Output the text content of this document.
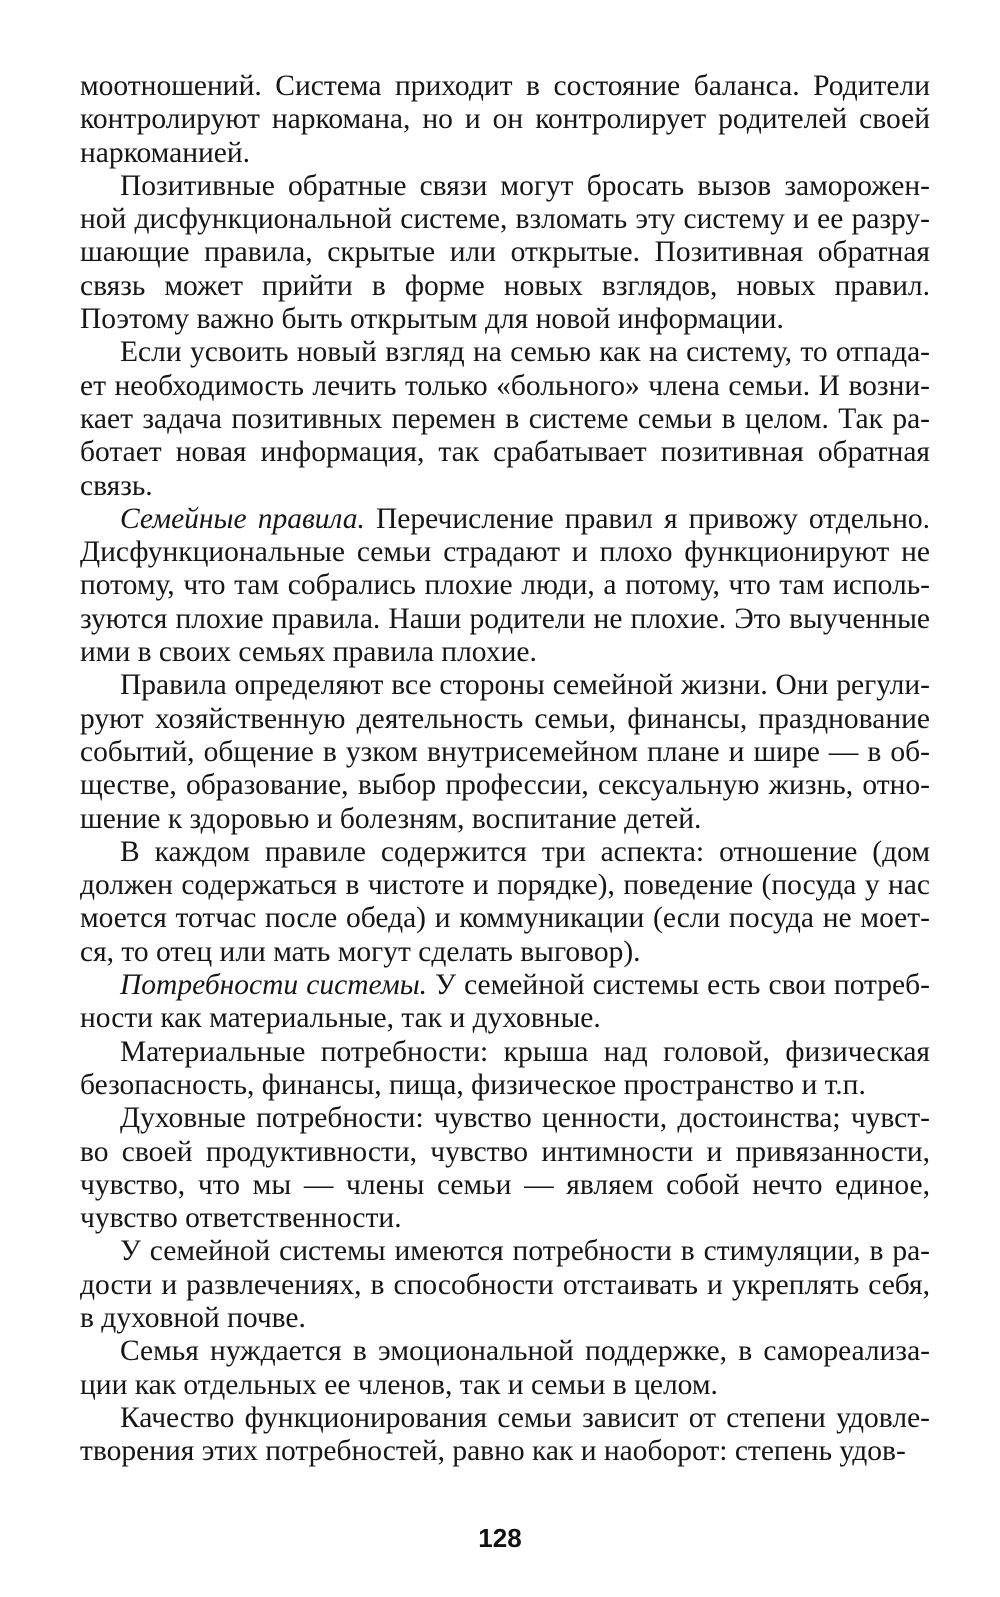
моотношений. Система приходит в состояние баланса. Родители контролируют наркомана, но и он контролирует родителей своей наркоманией.

Позитивные обратные связи могут бросать вызов замороженной дисфункциональной системе, взломать эту систему и ее разрушающие правила, скрытые или открытые. Позитивная обратная связь может прийти в форме новых взглядов, новых правил. Поэтому важно быть открытым для новой информации.

Если усвоить новый взгляд на семью как на систему, то отпадает необходимость лечить только «больного» члена семьи. И возникает задача позитивных перемен в системе семьи в целом. Так работает новая информация, так срабатывает позитивная обратная связь.

Семейные правила. Перечисление правил я привожу отдельно. Дисфункциональные семьи страдают и плохо функционируют не потому, что там собрались плохие люди, а потому, что там используются плохие правила. Наши родители не плохие. Это выученные ими в своих семьях правила плохие.

Правила определяют все стороны семейной жизни. Они регулируют хозяйственную деятельность семьи, финансы, празднование событий, общение в узком внутрисемейном плане и шире — в обществе, образование, выбор профессии, сексуальную жизнь, отношение к здоровью и болезням, воспитание детей.

В каждом правиле содержится три аспекта: отношение (дом должен содержаться в чистоте и порядке), поведение (посуда у нас моется тотчас после обеда) и коммуникации (если посуда не моется, то отец или мать могут сделать выговор).

Потребности системы. У семейной системы есть свои потребности как материальные, так и духовные.

Материальные потребности: крыша над головой, физическая безопасность, финансы, пища, физическое пространство и т.п.

Духовные потребности: чувство ценности, достоинства; чувство своей продуктивности, чувство интимности и привязанности, чувство, что мы — члены семьи — являем собой нечто единое, чувство ответственности.

У семейной системы имеются потребности в стимуляции, в радости и развлечениях, в способности отстаивать и укреплять себя, в духовной почве.

Семья нуждается в эмоциональной поддержке, в самореализации как отдельных ее членов, так и семьи в целом.

Качество функционирования семьи зависит от степени удовлетворения этих потребностей, равно как и наоборот: степень удов-

128
